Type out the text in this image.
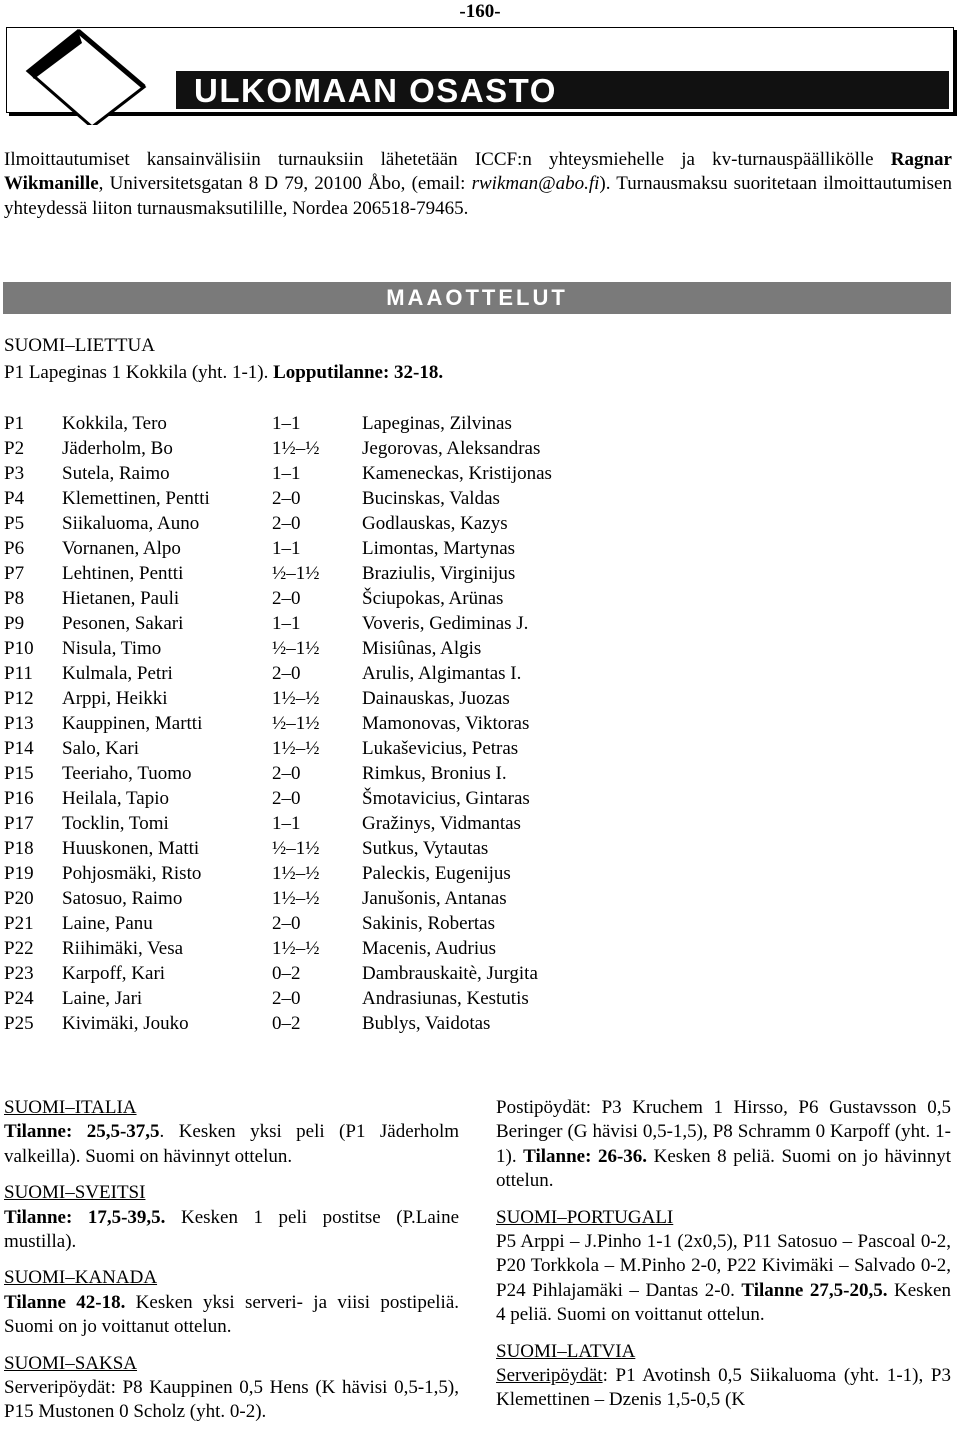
-160-
ULKOMAAN OSASTO
Ilmoittautumiset kansainvälisiin turnauksiin lähetetään ICCF:n yhteysmiehelle ja kv-turnauspäällikölle Ragnar Wikmanille, Universitetsgatan 8 D 79, 20100 Åbo, (email: rwikman@abo.fi). Turnausmaksu suoritetaan ilmoittautumisen yhteydessä liiton turnausmaksutilille, Nordea 206518-79465.
MAAOTTELUT
SUOMI–LIETTUA
P1 Lapeginas 1 Kokkila (yht. 1-1). Lopputilanne: 32-18.
P1	Kokkila, Tero	1–1	Lapeginas, Zilvinas
P2	Jäderholm, Bo	1½–½	Jegorovas, Aleksandras
P3	Sutela, Raimo	1–1	Kameneckas, Kristijonas
P4	Klemettinen, Pentti	2–0	Bucinskas, Valdas
P5	Siikaluoma, Auno	2–0	Godlauskas, Kazys
P6	Vornanen, Alpo	1–1	Limontas, Martynas
P7	Lehtinen, Pentti	½–1½	Braziulis, Virginijus
P8	Hietanen, Pauli	2–0	Šciupokas, Arünas
P9	Pesonen, Sakari	1–1	Voveris, Gediminas J.
P10	Nisula, Timo	½–1½	Misiûnas, Algis
P11	Kulmala, Petri	2–0	Arulis, Algimantas I.
P12	Arppi, Heikki	1½–½	Dainauskas, Juozas
P13	Kauppinen, Martti	½–1½	Mamonovas, Viktoras
P14	Salo, Kari	1½–½	Lukaševicius, Petras
P15	Teeriaho, Tuomo	2–0	Rimkus, Bronius I.
P16	Heilala, Tapio	2–0	Šmotavicius, Gintaras
P17	Tocklin, Tomi	1–1	Gražinys, Vidmantas
P18	Huuskonen, Matti	½–1½	Sutkus, Vytautas
P19	Pohjosmäki, Risto	1½–½	Paleckis, Eugenijus
P20	Satosuo, Raimo	1½–½	Janušonis, Antanas
P21	Laine, Panu	2–0	Sakinis, Robertas
P22	Riihimäki, Vesa	1½–½	Macenis, Audrius
P23	Karpoff, Kari	0–2	Dambrauskaitè, Jurgita
P24	Laine, Jari	2–0	Andrasiunas, Kestutis
P25	Kivimäki, Jouko	0–2	Bublys, Vaidotas

SUOMI–ITALIA

Tilanne: 25,5-37,5. Kesken yksi peli (P1 Jäderholm valkeilla). Suomi on hävinnyt ottelun.

SUOMI–SVEITSI

Tilanne: 17,5-39,5. Kesken 1 peli postitse (P.Laine mustilla).

SUOMI–KANADA

Tilanne 42-18. Kesken yksi serveri- ja viisi postipeliä. Suomi on jo voittanut ottelun.

SUOMI–SAKSA

Serveripöydät: P8 Kauppinen 0,5 Hens (K hävisi 0,5-1,5), P15 Mustonen 0 Scholz (yht. 0-2).

Postipöydät: P3 Kruchem 1 Hirsso, P6 Gustavsson 0,5 Beringer (G hävisi 0,5-1,5), P8 Schramm 0 Karpoff (yht. 1-1). Tilanne: 26-36. Kesken 8 peliä. Suomi on jo hävinnyt ottelun.

SUOMI–PORTUGALI

P5 Arppi – J.Pinho 1-1 (2x0,5), P11 Satosuo – Pascoal 0-2, P20 Torkkola – M.Pinho 2-0, P22 Kivimäki – Salvado 0-2, P24 Pihlajamäki – Dantas 2-0. Tilanne 27,5-20,5. Kesken 4 peliä. Suomi on voittanut ottelun.

SUOMI–LATVIA

Serveripöydät: P1 Avotinsh 0,5 Siikaluoma (yht. 1-1), P3 Klemettinen – Dzenis 1,5-0,5 (K
